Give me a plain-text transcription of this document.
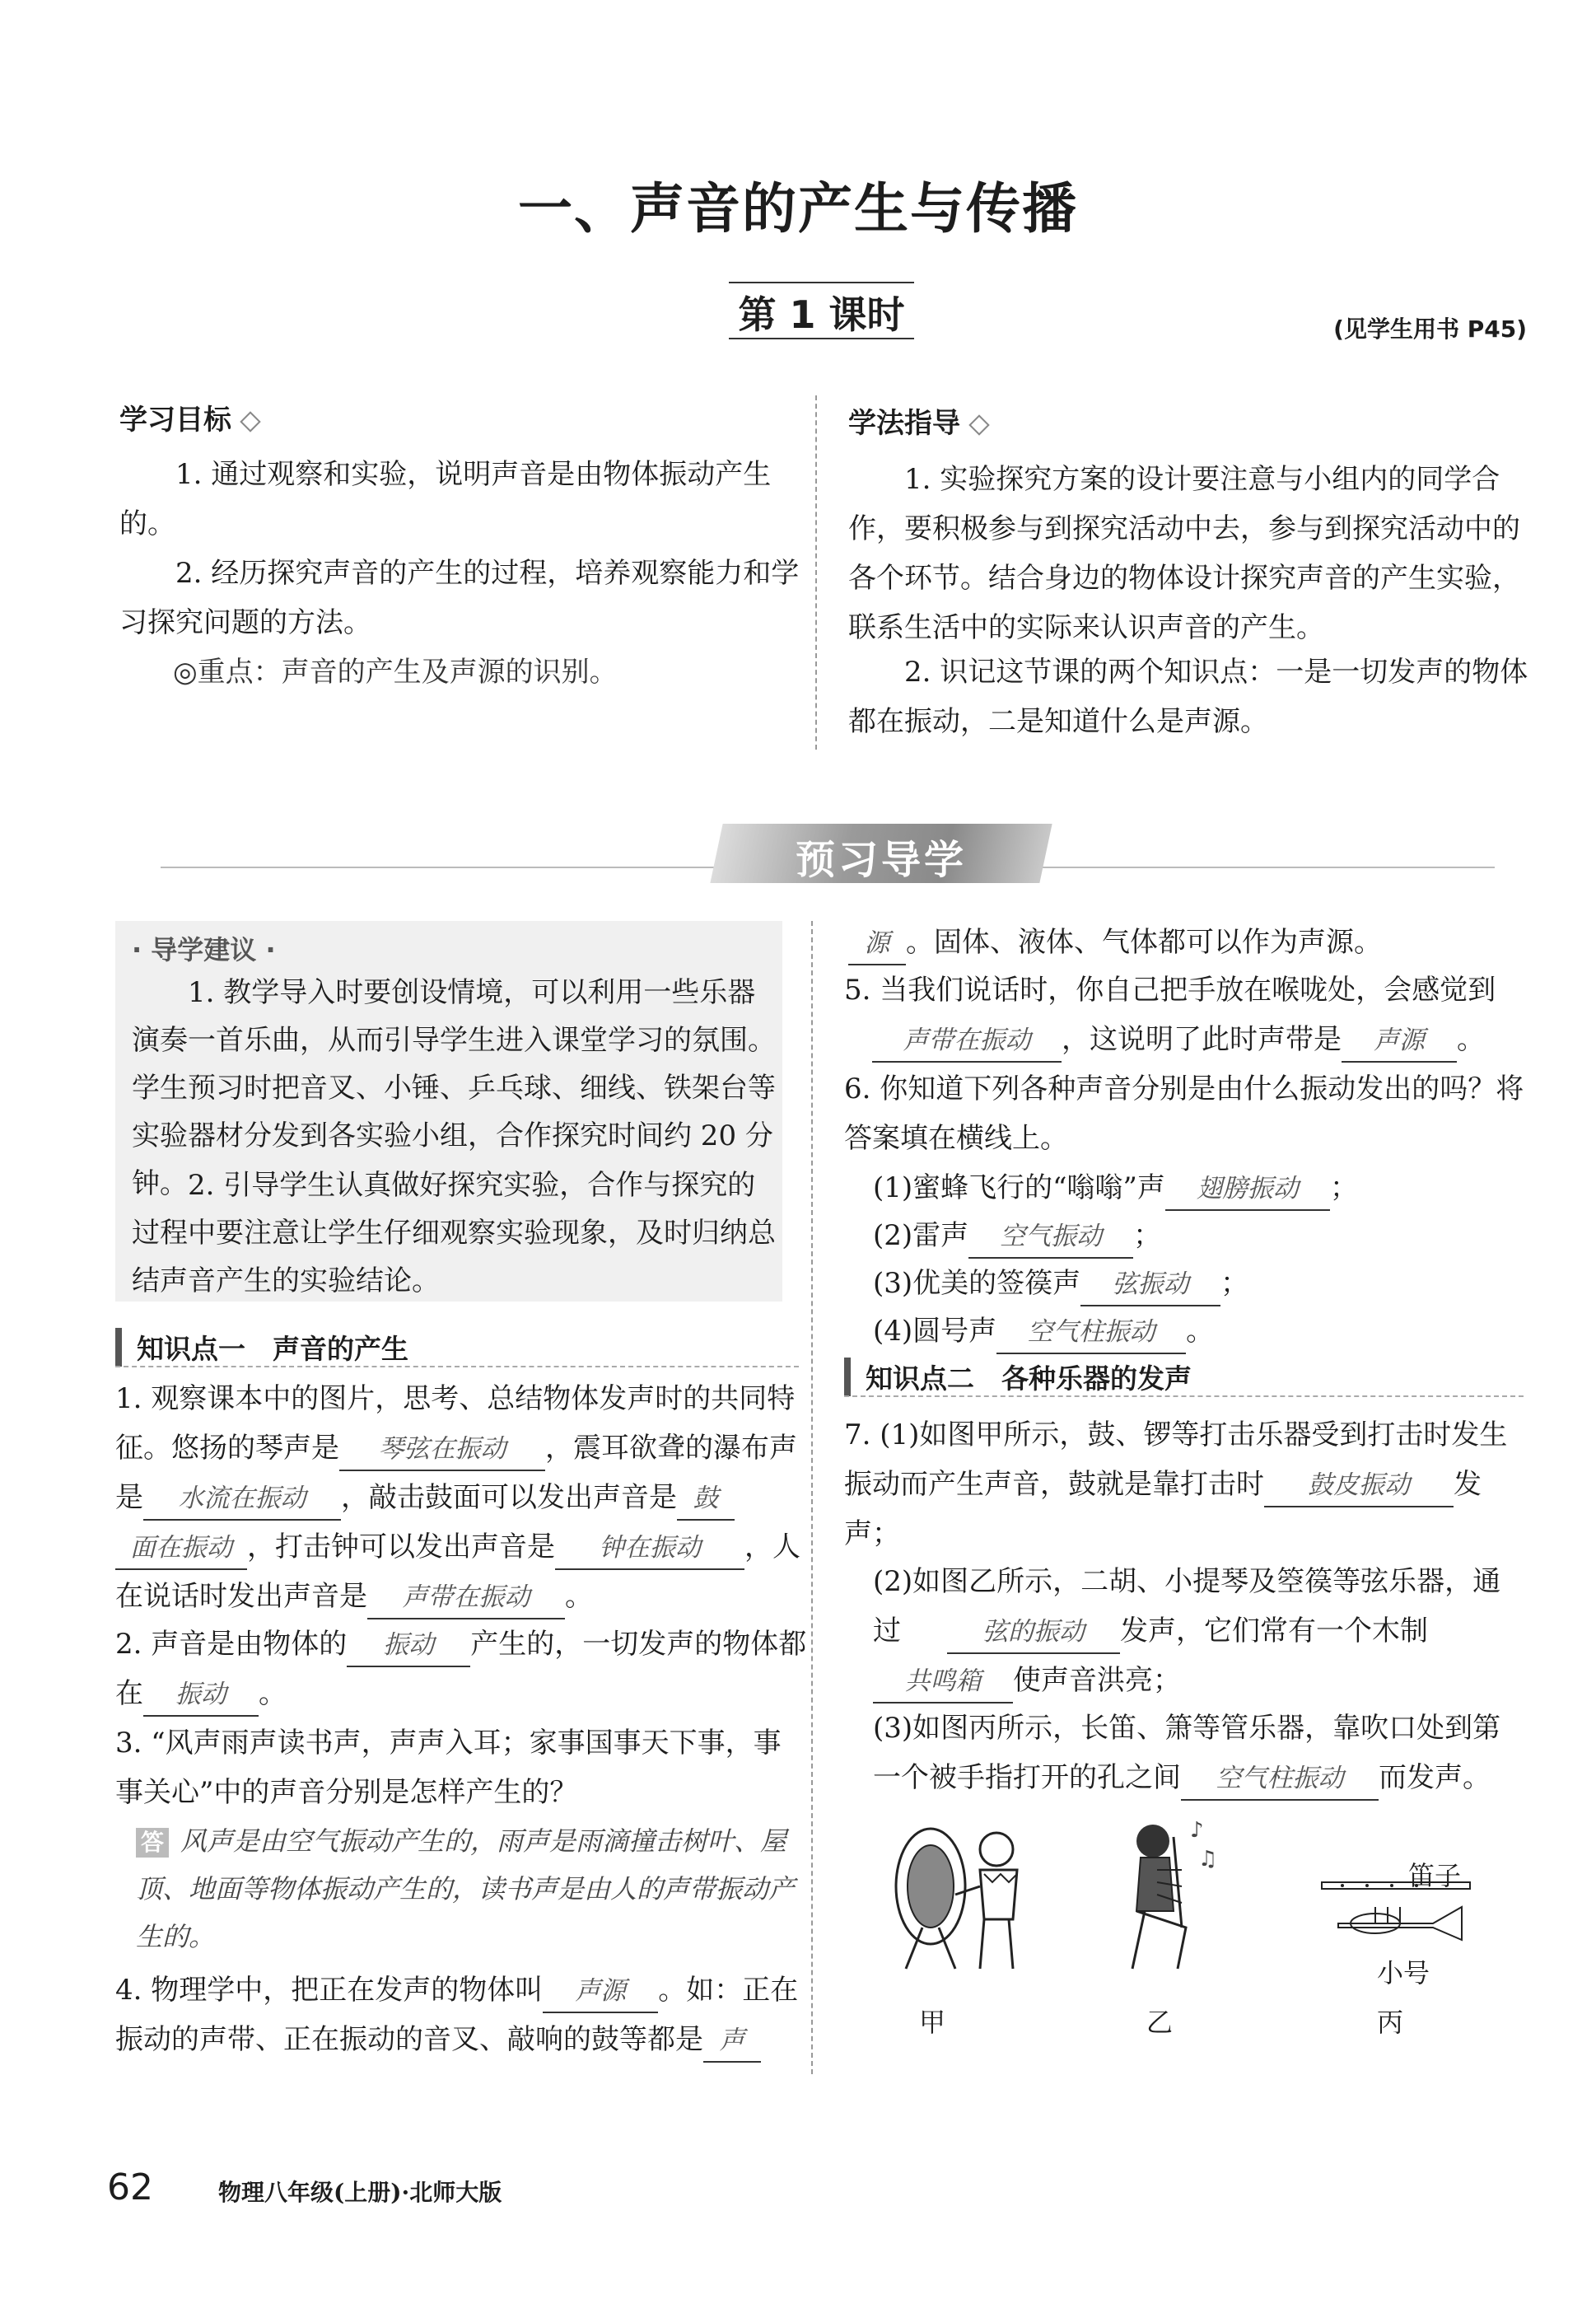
一、声音的产生与传播
第 1 课时	(见学生用书 P45)
学习目标
1. 通过观察和实验，说明声音是由物体振动产生的。
2. 经历探究声音的产生的过程，培养观察能力和学习探究问题的方法。
◎重点：声音的产生及声源的识别。
学法指导
1. 实验探究方案的设计要注意与小组内的同学合作，要积极参与到探究活动中去，参与到探究活动中的各个环节。结合身边的物体设计探究声音的产生实验，联系生活中的实际来认识声音的产生。
2. 识记这节课的两个知识点：一是一切发声的物体都在振动，二是知道什么是声源。
预习导学
· 导学建议 ·
1. 教学导入时要创设情境，可以利用一些乐器演奏一首乐曲，从而引导学生进入课堂学习的氛围。学生预习时把音叉、小锤、乒乓球、细线、铁架台等实验器材分发到各实验小组，合作探究时间约 20 分钟。 2. 引导学生认真做好探究实验，合作与探究的过程中要注意让学生仔细观察实验现象，及时归纳总结声音产生的实验结论。
知识点一　声音的产生
1. 观察课本中的图片，思考、总结物体发声时的共同特征。悠扬的琴声是 琴弦在振动 ，震耳欲聋的瀑布声是 水流在振动 ，敲击鼓面可以发出声音是 鼓面在振动 ，打击钟可以发出声音是 钟在振动 ，人在说话时发出声音是 声带在振动 。
2. 声音是由物体的 振动 产生的，一切发声的物体都在 振动 。
3. “风声雨声读书声，声声入耳；家事国事天下事，事事关心”中的声音分别是怎样产生的？
答 风声是由空气振动产生的，雨声是雨滴撞击树叶、屋顶、地面等物体振动产生的，读书声是由人的声带振动产生的。
4. 物理学中，把正在发声的物体叫 声源 。如：正在振动的声带、正在振动的音叉、敲响的鼓等都是 声
源 。固体、液体、气体都可以作为声源。
5. 当我们说话时，你自己把手放在喉咙处，会感觉到声带在振动 ，这说明了此时声带是 声源 。
6. 你知道下列各种声音分别是由什么振动发出的吗？将答案填在横线上。
(1)蜜蜂飞行的“嗡嗡”声 翅膀振动 ；
(2)雷声 空气振动 ；
(3)优美的签篌声 弦振动 ；
(4)圆号声 空气柱振动 。
知识点二　各种乐器的发声
7. (1)如图甲所示，鼓、锣等打击乐器受到打击时发生振动而产生声音，鼓就是靠打击时 鼓皮振动 发声；
(2)如图乙所示，二胡、小提琴及箜篌等弦乐器，通过	弦的振动 发声，它们常有一个木制共鸣箱 使声音洪亮；
(3)如图丙所示，长笛、箫等管乐器，靠吹口处到第一个被手指打开的孔之间 空气柱振动 而发声。
♪
♫
笛子
小号
甲	乙	丙
62	物理八年级(上册)·北师大版
